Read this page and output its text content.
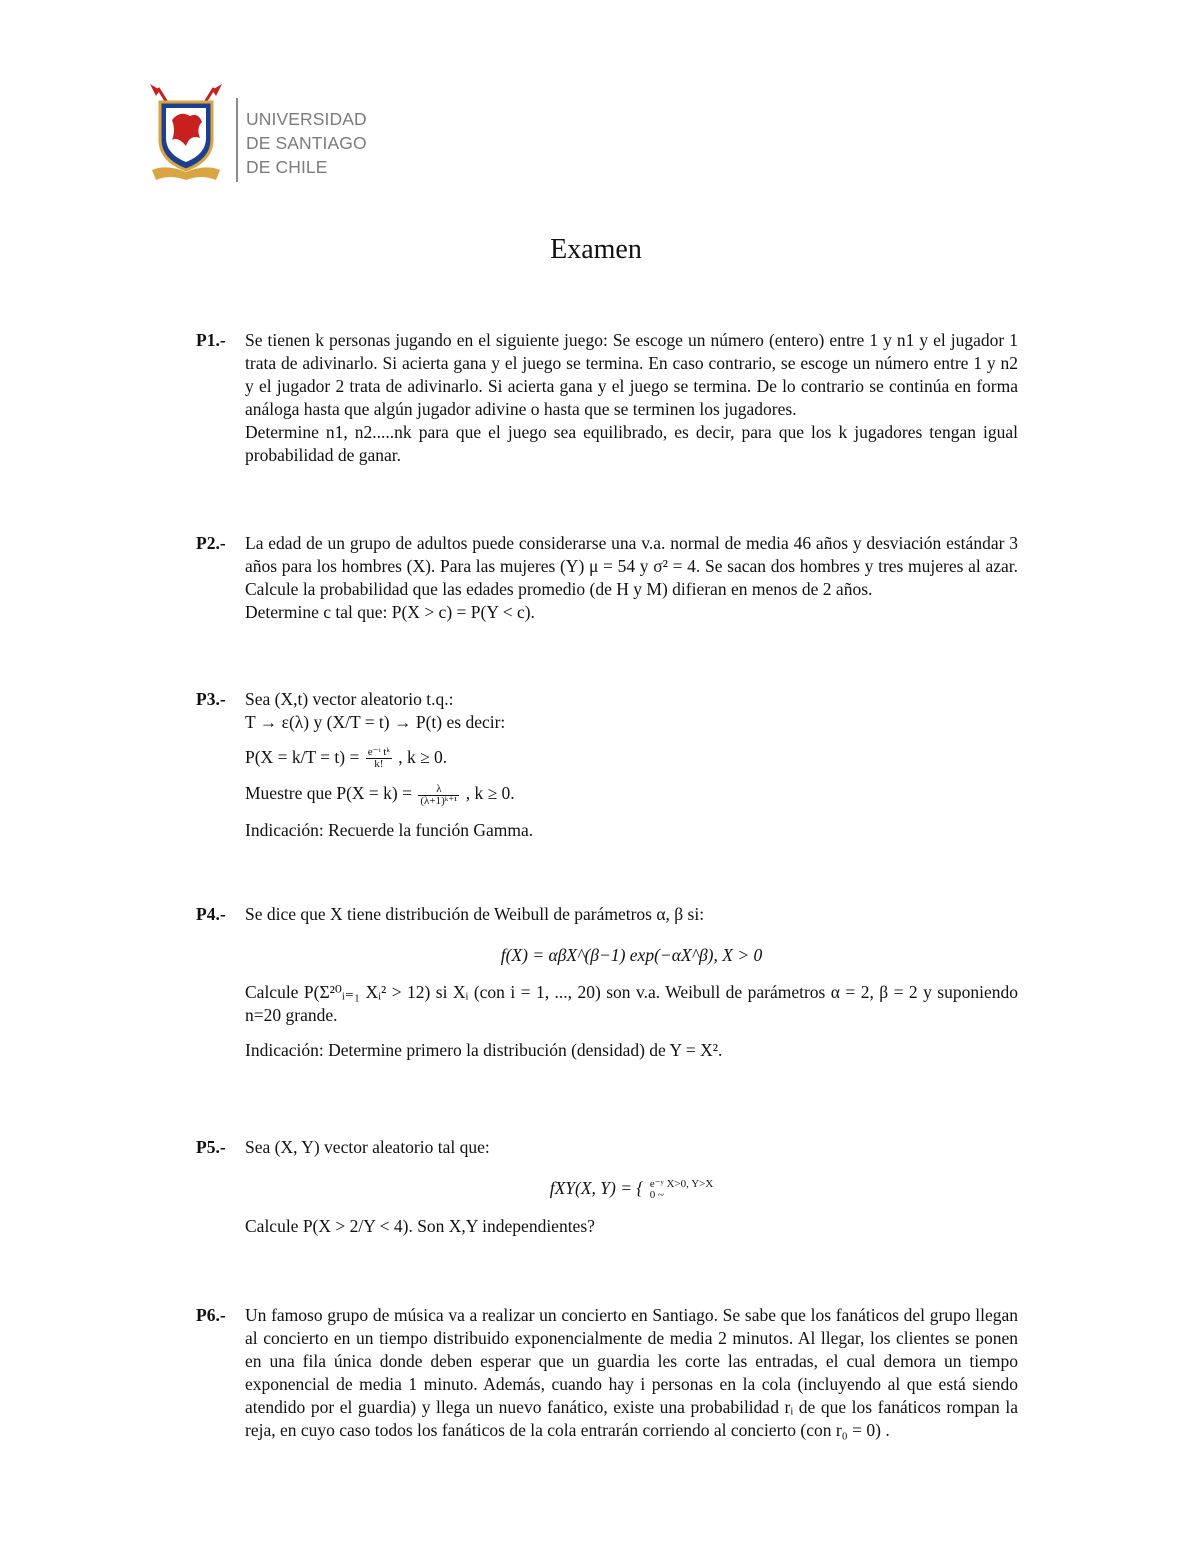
UNIVERSIDAD
DE SANTIAGO
DE CHILE
Examen
P1.- Se tienen k personas jugando en el siguiente juego: Se escoge un número (entero) entre 1 y n1 y el jugador 1 trata de adivinarlo. Si acierta gana y el juego se termina. En caso contrario, se escoge un número entre 1 y n2 y el jugador 2 trata de adivinarlo. Si acierta gana y el juego se termina. De lo contrario se continúa en forma análoga hasta que algún jugador adivine o hasta que se terminen los jugadores.

Determine n1, n2.....nk para que el juego sea equilibrado, es decir, para que los k jugadores tengan igual probabilidad de ganar.

P2.- La edad de un grupo de adultos puede considerarse una v.a. normal de media 46 años y desviación estándar 3 años para los hombres (X). Para las mujeres (Y) μ = 54 y σ² = 4. Se sacan dos hombres y tres mujeres al azar. Calcule la probabilidad que las edades promedio (de H y M) difieran en menos de 2 años.

Determine c tal que: P(X > c) = P(Y < c).

P3.- Sea (X,t) vector aleatorio t.q.:

T → ε(λ) y (X/T = t) → P(t) es decir:

$P(X = k/T = t) = \frac{\text{e⁻ᵗ tᵏ}}{k!}$ , k ≥ 0.

Muestre que $P(X = k) = \frac{\lambda}{\text{(λ+1)ᵏ⁺¹}}$ , k ≥ 0.

Indicación: Recuerde la función Gamma.

P4.- Se dice que X tiene distribución de Weibull de parámetros α, β si:

f(X) = αβX^(β−1) exp(−αX^β), X > 0

Calcule P(Σ²⁰ᵢ₌₁ Xᵢ² > 12) si Xᵢ (con i = 1, ..., 20) son v.a. Weibull de parámetros α = 2, β = 2 y suponiendo n=20 grande.

Indicación: Determine primero la distribución (densidad) de Y = X².

P5.- Sea (X, Y) vector aleatorio tal que:

fXY(X, Y) = { e⁻ʸ X>0, Y>X
0 ~

Calcule P(X > 2/Y < 4). Son X,Y independientes?

P6.- Un famoso grupo de música va a realizar un concierto en Santiago. Se sabe que los fanáticos del grupo llegan al concierto en un tiempo distribuido exponencialmente de media 2 minutos. Al llegar, los clientes se ponen en una fila única donde deben esperar que un guardia les corte las entradas, el cual demora un tiempo exponencial de media 1 minuto. Además, cuando hay i personas en la cola (incluyendo al que está siendo atendido por el guardia) y llega un nuevo fanático, existe una probabilidad rᵢ de que los fanáticos rompan la reja, en cuyo caso todos los fanáticos de la cola entrarán corriendo al concierto (con r₀ = 0) .
